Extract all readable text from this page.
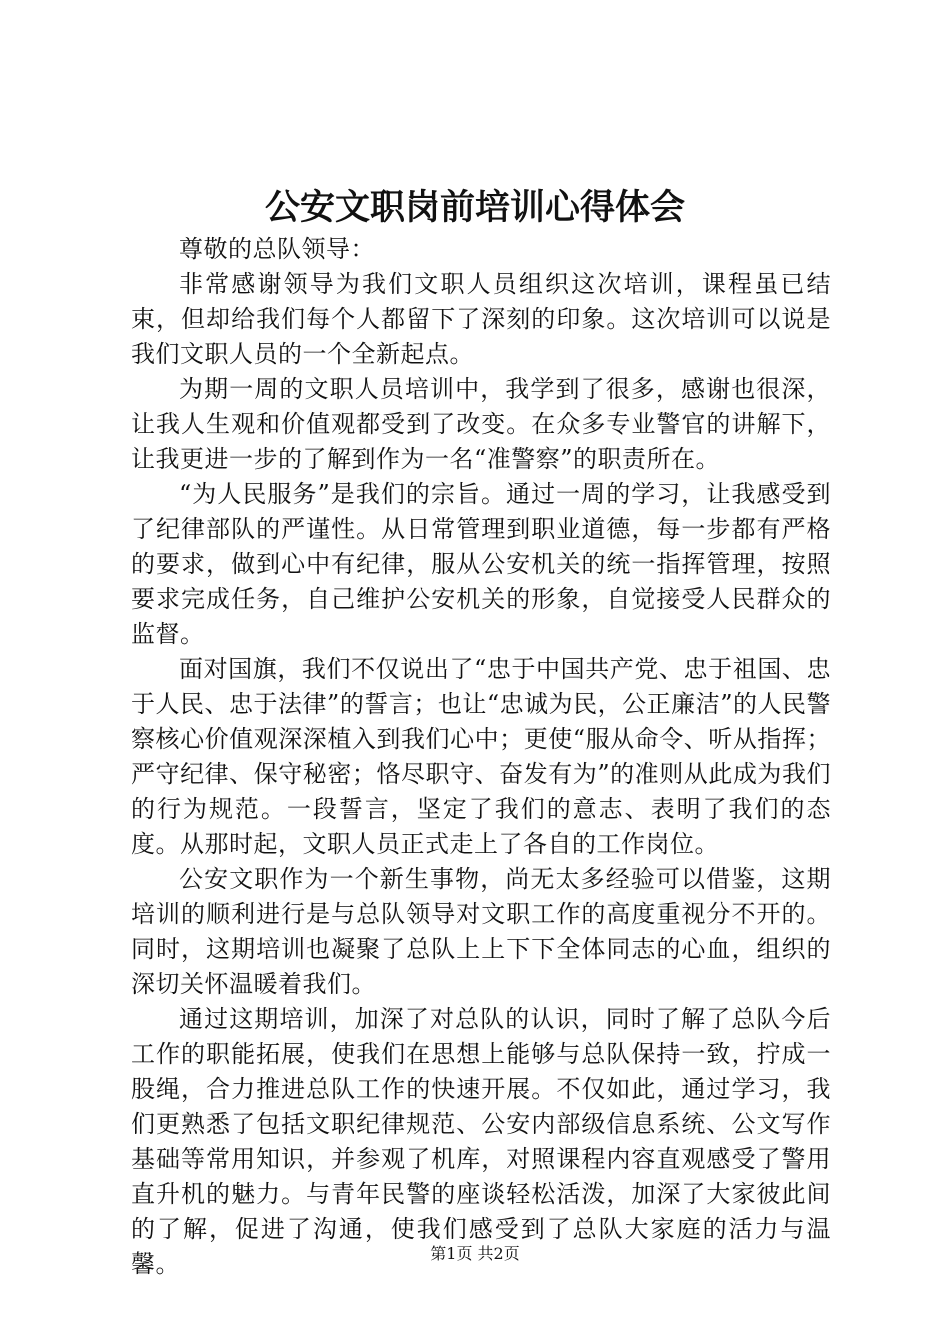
公安文职岗前培训心得体会

尊敬的总队领导：

非常感谢领导为我们文职人员组织这次培训，课程虽已结束，但却给我们每个人都留下了深刻的印象。这次培训可以说是我们文职人员的一个全新起点。

为期一周的文职人员培训中，我学到了很多，感谢也很深，让我人生观和价值观都受到了改变。在众多专业警官的讲解下，让我更进一步的了解到作为一名“准警察”的职责所在。

“为人民服务”是我们的宗旨。通过一周的学习，让我感受到了纪律部队的严谨性。从日常管理到职业道德，每一步都有严格的要求，做到心中有纪律，服从公安机关的统一指挥管理，按照要求完成任务，自己维护公安机关的形象，自觉接受人民群众的监督。

面对国旗，我们不仅说出了“忠于中国共产党、忠于祖国、忠于人民、忠于法律”的誓言；也让“忠诚为民，公正廉洁”的人民警察核心价值观深深植入到我们心中；更使“服从命令、听从指挥；严守纪律、保守秘密；恪尽职守、奋发有为”的准则从此成为我们的行为规范。一段誓言，坚定了我们的意志、表明了我们的态度。从那时起，文职人员正式走上了各自的工作岗位。

公安文职作为一个新生事物，尚无太多经验可以借鉴，这期培训的顺利进行是与总队领导对文职工作的高度重视分不开的。同时，这期培训也凝聚了总队上上下下全体同志的心血，组织的深切关怀温暖着我们。

通过这期培训，加深了对总队的认识，同时了解了总队今后工作的职能拓展，使我们在思想上能够与总队保持一致，拧成一股绳，合力推进总队工作的快速开展。不仅如此，通过学习，我们更熟悉了包括文职纪律规范、公安内部级信息系统、公文写作基础等常用知识，并参观了机库，对照课程内容直观感受了警用直升机的魅力。与青年民警的座谈轻松活泼，加深了大家彼此间的了解，促进了沟通，使我们感受到了总队大家庭的活力与温馨。	第1页 共2页
